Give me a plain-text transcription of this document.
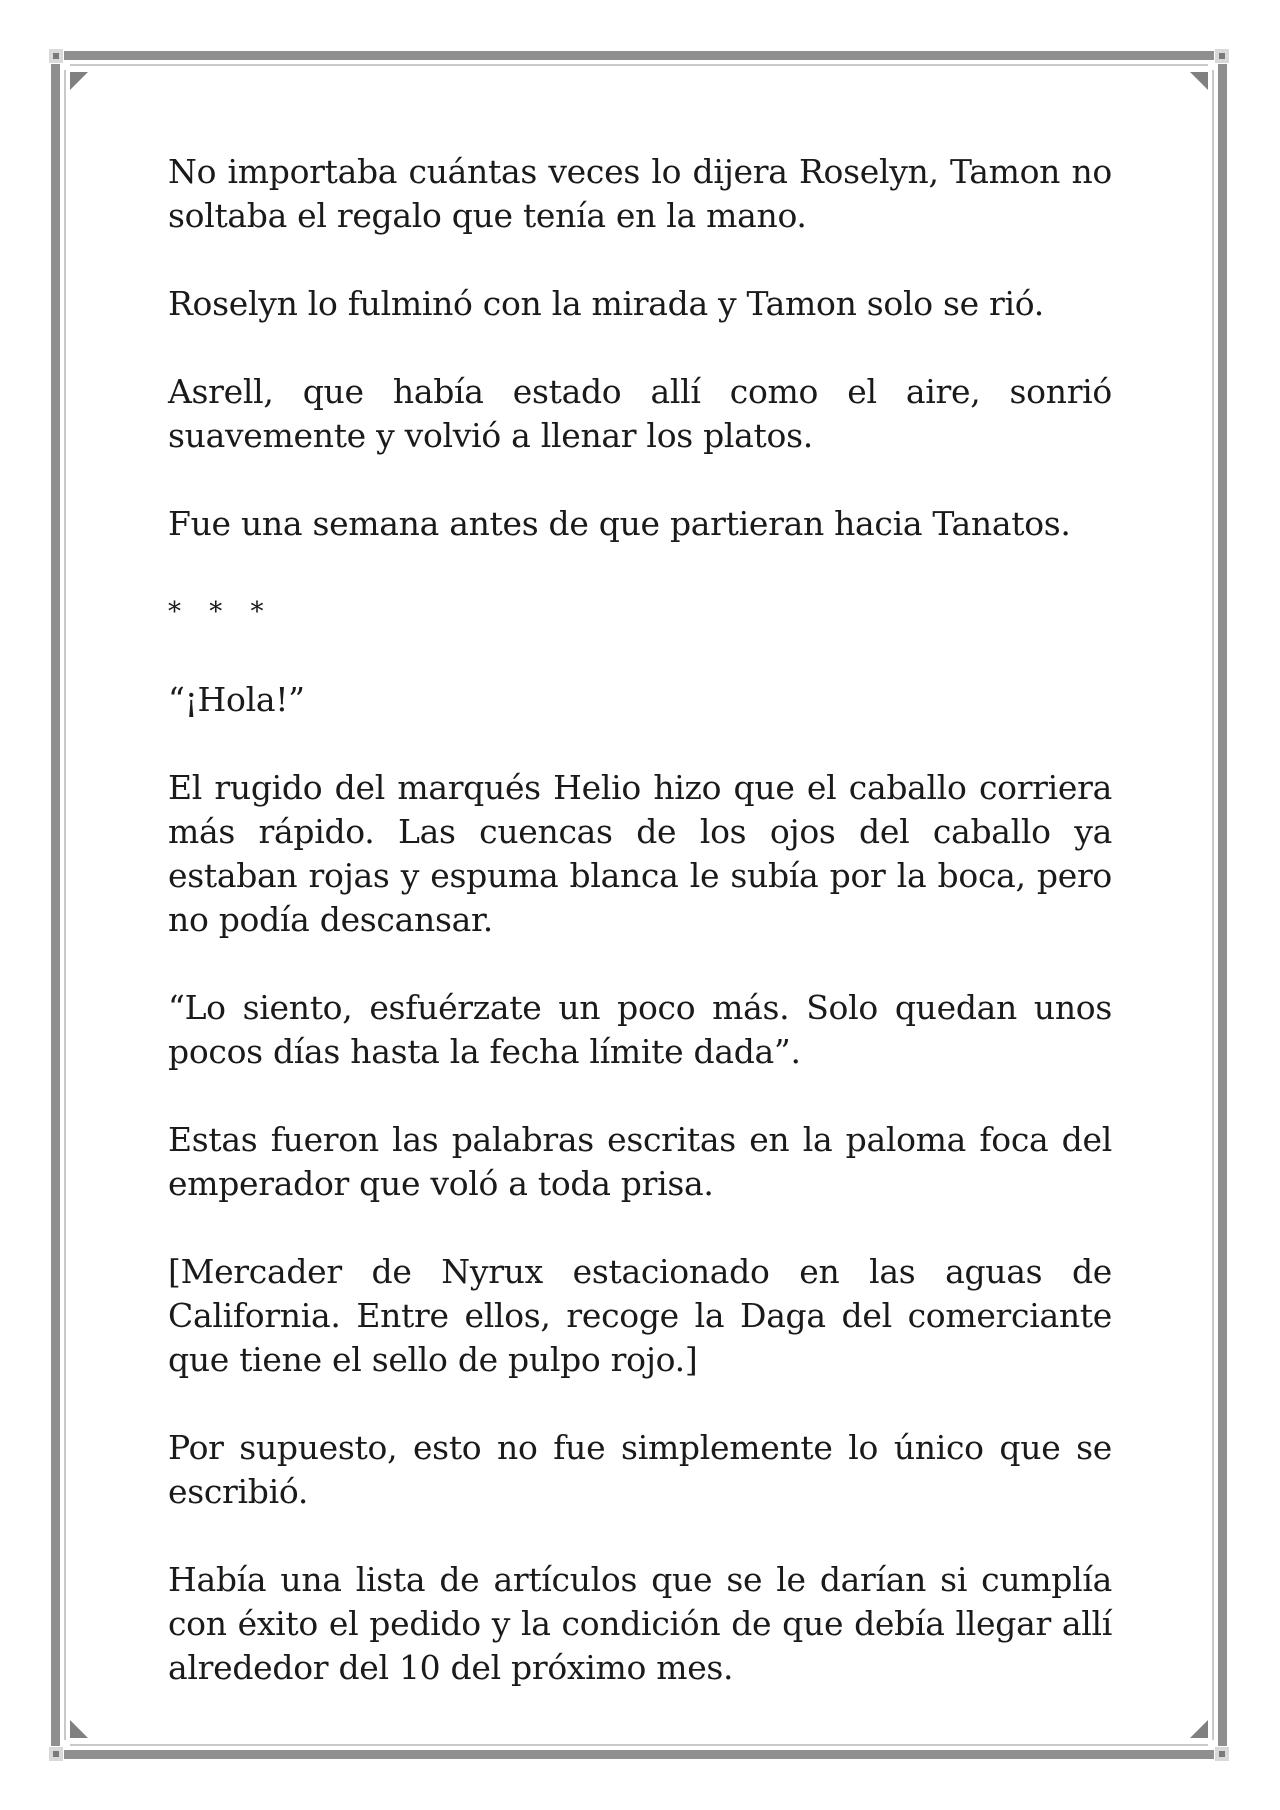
No importaba cuántas veces lo dijera Roselyn, Tamon no soltaba el regalo que tenía en la mano.

Roselyn lo fulminó con la mirada y Tamon solo se rió.

Asrell, que había estado allí como el aire, sonrió suavemente y volvió a llenar los platos.

Fue una semana antes de que partieran hacia Tanatos.

* * *

“¡Hola!”

El rugido del marqués Helio hizo que el caballo corriera más rápido. Las cuencas de los ojos del caballo ya estaban rojas y espuma blanca le subía por la boca, pero no podía descansar.

“Lo siento, esfuérzate un poco más. Solo quedan unos pocos días hasta la fecha límite dada”.

Estas fueron las palabras escritas en la paloma foca del emperador que voló a toda prisa.

[Mercader de Nyrux estacionado en las aguas de California. Entre ellos, recoge la Daga del comerciante que tiene el sello de pulpo rojo.]

Por supuesto, esto no fue simplemente lo único que se escribió.

Había una lista de artículos que se le darían si cumplía con éxito el pedido y la condición de que debía llegar allí alrededor del 10 del próximo mes.
